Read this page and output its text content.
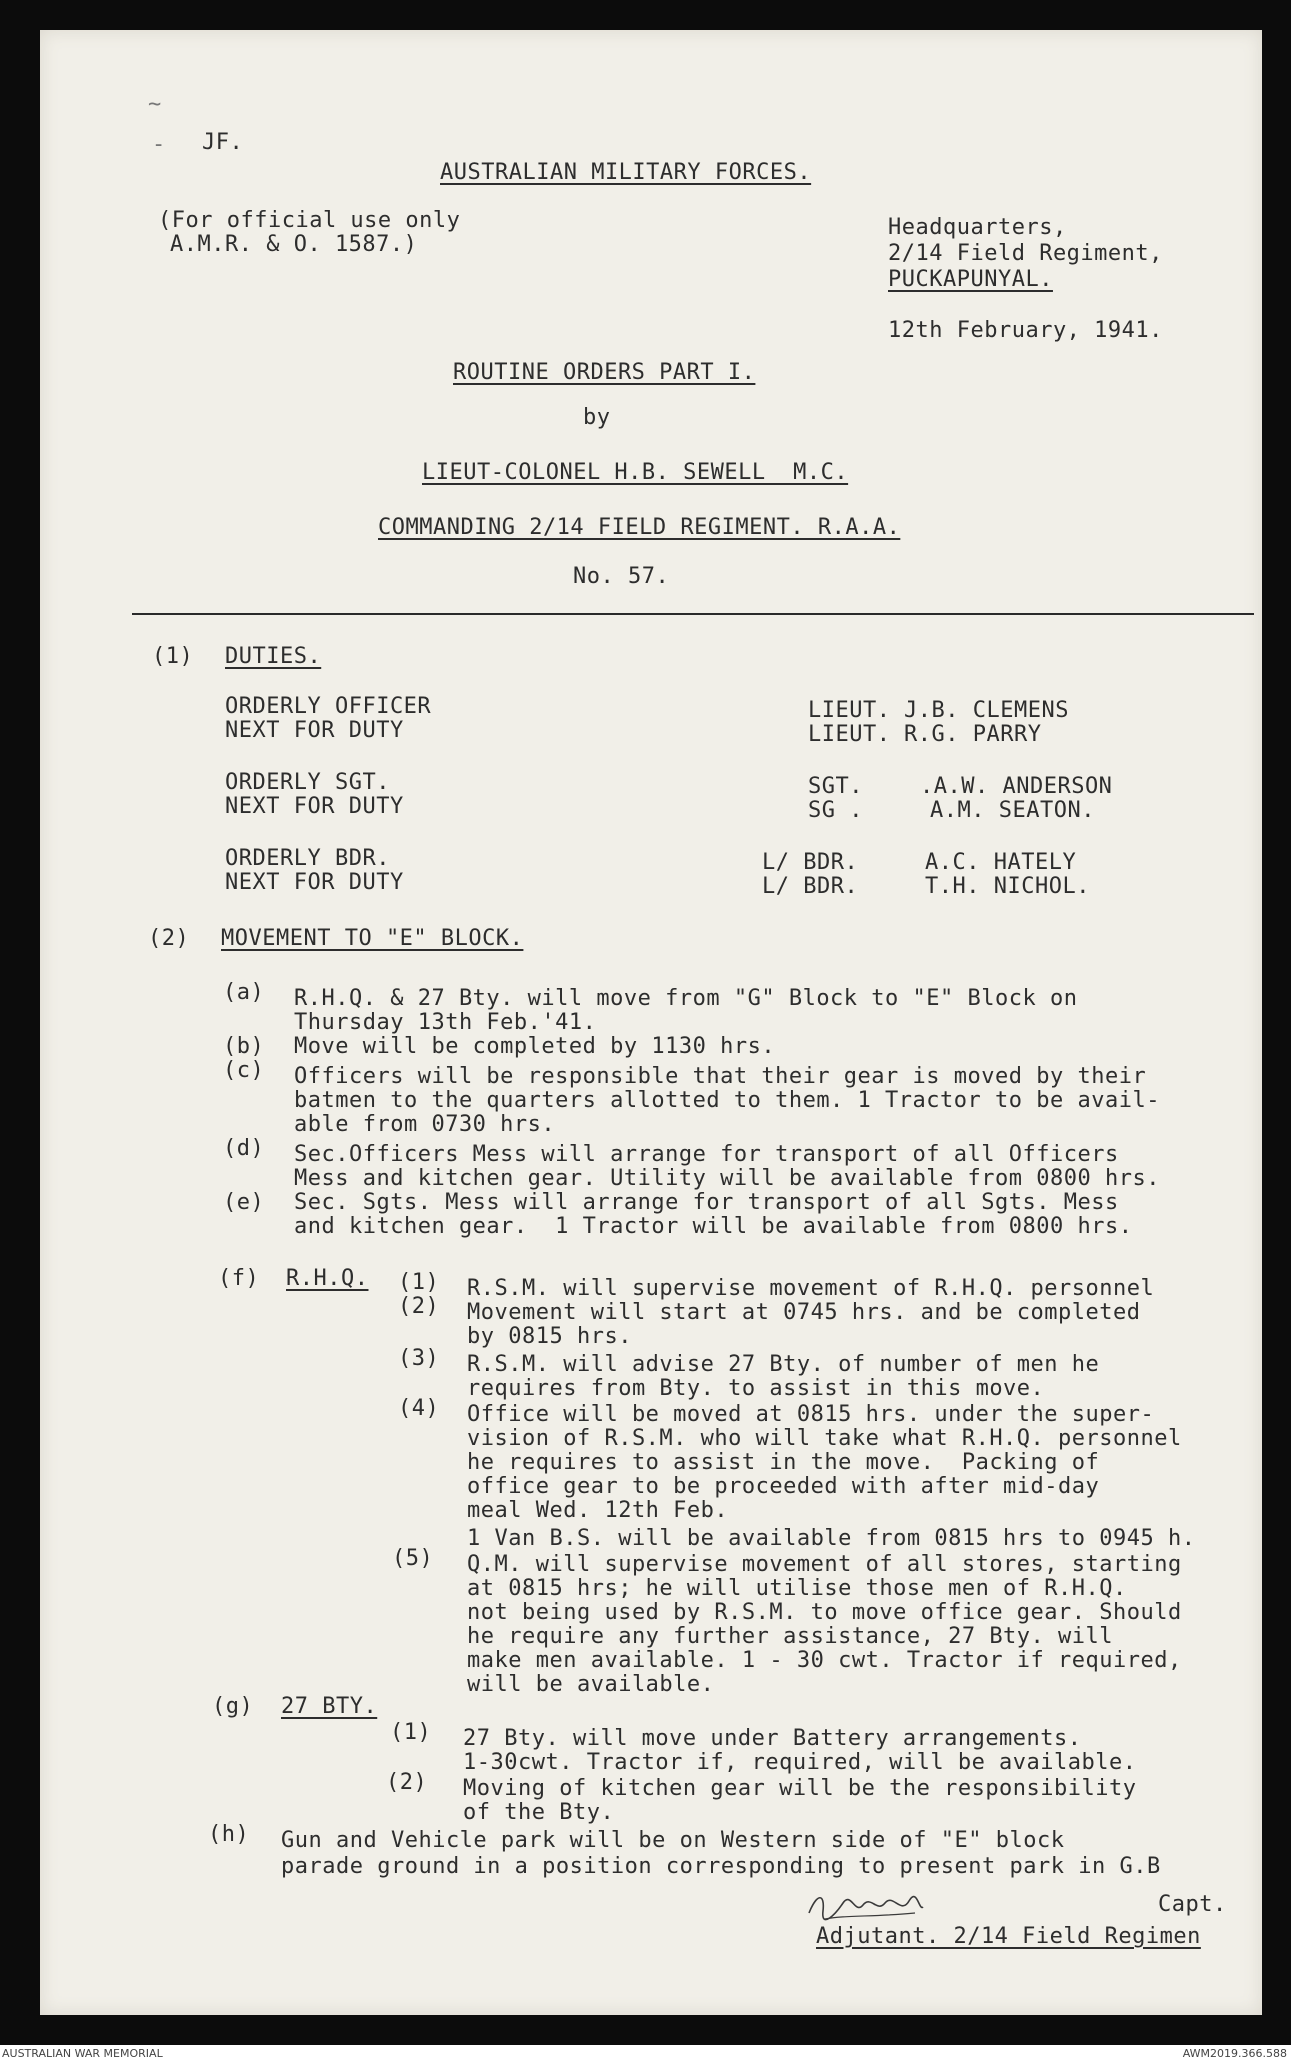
~
- JF.
AUSTRALIAN MILITARY FORCES.
(For official use only
A.M.R. & O. 1587.)
Headquarters,
2/14 Field Regiment,
PUCKAPUNYAL.
12th February, 1941.
ROUTINE ORDERS PART I.
by
LIEUT-COLONEL H.B. SEWELL  M.C.
COMMANDING 2/14 FIELD REGIMENT. R.A.A.
No. 57.
(1) DUTIES.
ORDERLY OFFICER
NEXT FOR DUTY
LIEUT.
LIEUT.
J.B. CLEMENS
R.G. PARRY
ORDERLY SGT.
NEXT FOR DUTY
SGT.
SG .
.A.W. ANDERSON
A.M. SEATON.
ORDERLY BDR.
NEXT FOR DUTY
L/ BDR.
L/ BDR.
A.C. HATELY
T.H. NICHOL.
(2) MOVEMENT TO "E" BLOCK.
(a) R.H.Q. & 27 Bty. will move from "G" Block to "E" Block on
Thursday 13th Feb.'41.
(b) Move will be completed by 1130 hrs.
(c) Officers will be responsible that their gear is moved by their
batmen to the quarters allotted to them. 1 Tractor to be avail-
able from 0730 hrs.
(d) Sec.Officers Mess will arrange for transport of all Officers
Mess and kitchen gear. Utility will be available from 0800 hrs.
(e) Sec. Sgts. Mess will arrange for transport of all Sgts. Mess
and kitchen gear.  1 Tractor will be available from 0800 hrs.
(f) R.H.Q. (1) R.S.M. will supervise movement of R.H.Q. personnel
(2) Movement will start at 0745 hrs. and be completed
by 0815 hrs.
(3) R.S.M. will advise 27 Bty. of number of men he
requires from Bty. to assist in this move.
(4) Office will be moved at 0815 hrs. under the super-
vision of R.S.M. who will take what R.H.Q. personnel
he requires to assist in the move.  Packing of
office gear to be proceeded with after mid-day
meal Wed. 12th Feb.
1 Van B.S. will be available from 0815 hrs to 0945 h.
(5) Q.M. will supervise movement of all stores, starting
at 0815 hrs; he will utilise those men of R.H.Q.
not being used by R.S.M. to move office gear. Should
he require any further assistance, 27 Bty. will
make men available. 1 - 30 cwt. Tractor if required,
will be available.
(g) 27 BTY.
(1) 27 Bty. will move under Battery arrangements.
1-30cwt. Tractor if, required, will be available.
(2) Moving of kitchen gear will be the responsibility
of the Bty.
(h) Gun and Vehicle park will be on Western side of "E" block
parade ground in a position corresponding to present park in G.B
Capt.
Adjutant. 2/14 Field Regimen
AUSTRALIAN WAR MEMORIAL	AWM2019.366.588
